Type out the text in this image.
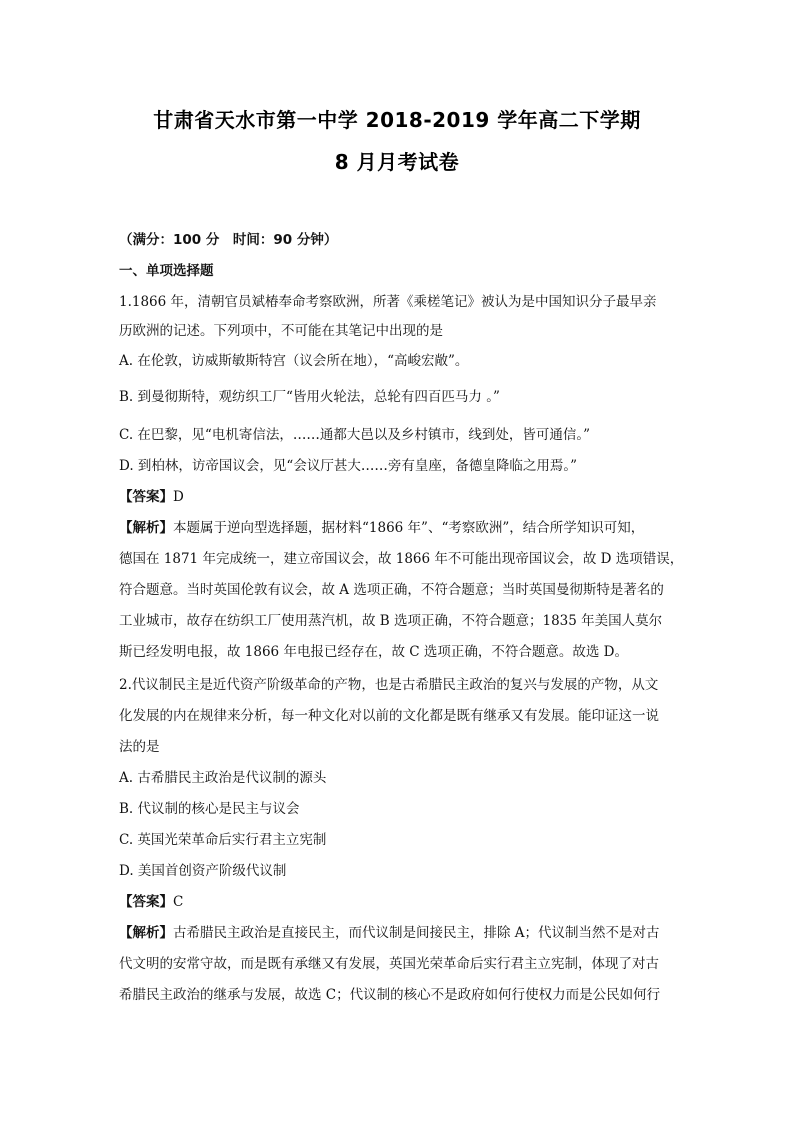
甘肃省天水市第一中学 2018-2019 学年高二下学期
8 月月考试卷
（满分：100 分　时间：90 分钟）
一、单项选择题
1.1866 年，清朝官员斌椿奉命考察欧洲，所著《乘槎笔记》被认为是中国知识分子最早亲
历欧洲的记述。下列项中，不可能在其笔记中出现的是
A. 在伦敦，访威斯敏斯特宫（议会所在地），“高峻宏敞”。
B. 到曼彻斯特，观纺织工厂“皆用火轮法，总轮有四百匹马力 。”
C. 在巴黎，见“电机寄信法，……通都大邑以及乡村镇市，线到处，皆可通信。”
D. 到柏林，访帝国议会，见“会议厅甚大……旁有皇座，备德皇降临之用焉。”
【答案】D
【解析】本题属于逆向型选择题，据材料“1866 年”、“考察欧洲”，结合所学知识可知，
德国在 1871 年完成统一，建立帝国议会，故 1866 年不可能出现帝国议会，故 D 选项错误，
符合题意。当时英国伦敦有议会，故 A 选项正确，不符合题意；当时英国曼彻斯特是著名的
工业城市，故存在纺织工厂使用蒸汽机，故 B 选项正确，不符合题意；1835 年美国人莫尔
斯已经发明电报，故 1866 年电报已经存在，故 C 选项正确，不符合题意。故选 D。
2.代议制民主是近代资产阶级革命的产物，也是古希腊民主政治的复兴与发展的产物，从文
化发展的内在规律来分析，每一种文化对以前的文化都是既有继承又有发展。能印证这一说
法的是
A. 古希腊民主政治是代议制的源头
B. 代议制的核心是民主与议会
C. 英国光荣革命后实行君主立宪制
D. 美国首创资产阶级代议制
【答案】C
【解析】古希腊民主政治是直接民主，而代议制是间接民主，排除 A；代议制当然不是对古
代文明的安常守故，而是既有承继又有发展，英国光荣革命后实行君主立宪制，体现了对古
希腊民主政治的继承与发展，故选 C；代议制的核心不是政府如何行使权力而是公民如何行
